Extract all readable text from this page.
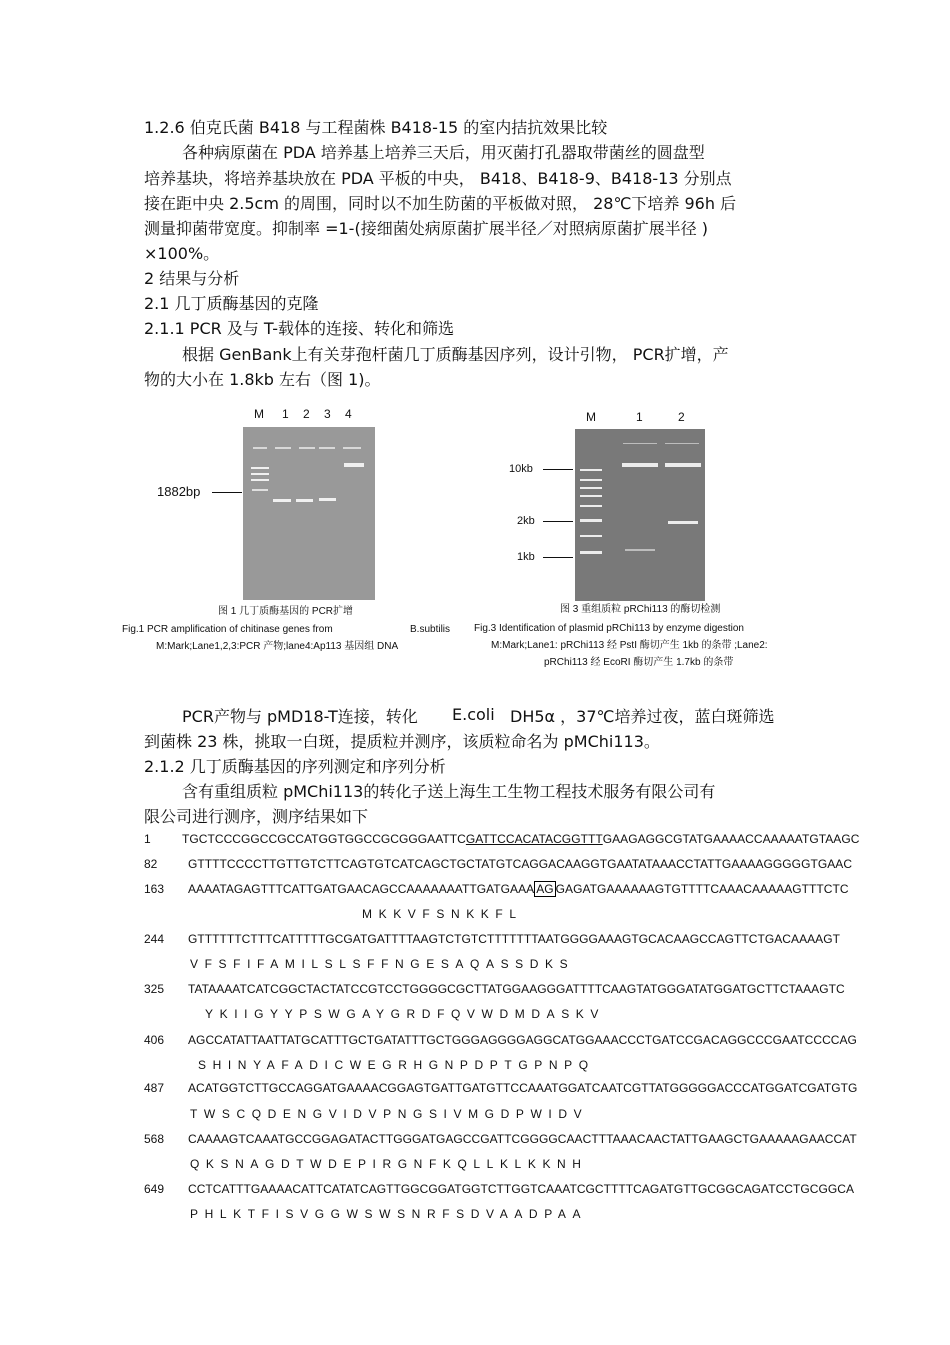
1.2.6 伯克氏菌 B418 与工程菌株 B418-15 的室内拮抗效果比较
各种病原菌在 PDA 培养基上培养三天后，用灭菌打孔器取带菌丝的圆盘型
培养基块，将培养基块放在 PDA 平板的中央， B418、B418-9、B418-13 分别点
接在距中央 2.5cm 的周围，同时以不加生防菌的平板做对照， 28℃下培养 96h 后
测量抑菌带宽度。抑制率 =1-(接细菌处病原菌扩展半径／对照病原菌扩展半径 )
×100%。
2 结果与分析
2.1 几丁质酶基因的克隆
2.1.1 PCR 及与 T-载体的连接、转化和筛选
根据 GenBank上有关芽孢杆菌几丁质酶基因序列，设计引物， PCR扩增，产
物的大小在 1.8kb 左右（图 1)。
M 1 2 3 4
1882bp
图 1 几丁质酶基因的 PCR扩增
Fig.1 PCR amplification of chitinase genes from	B.subtilis
M:Mark;Lane1,2,3:PCR 产物;lane4:Ap113 基因组 DNA
M	1	2
10kb
2kb
1kb
图 3 重组质粒 pRChi113 的酶切检测
Fig.3 Identification of plasmid pRChi113 by enzyme digestion
M:Mark;Lane1: pRChi113 经 PstI 酶切产生 1kb 的条带 ;Lane2:
pRChi113 经 EcoRI 酶切产生 1.7kb 的条带
PCR产物与 pMD18-T连接，转化 E.coli DH5α ，37℃培养过夜，蓝白斑筛选
到菌株 23 株，挑取一白斑，提质粒并测序，该质粒命名为 pMChi113。
2.1.2 几丁质酶基因的序列测定和序列分析
含有重组质粒 pMChi113的转化子送上海生工生物工程技术服务有限公司有
限公司进行测序，测序结果如下
1	TGCTCCCGGCCGCCATGGTGGCCGCGGGAATTCGATTCCACATACGGTTTGAAGAGGCGTATGAAAACCAAAAATGTAAGC
82	GTTTTCCCCTTGTTGTCTTCAGTGTCATCAGCTGCTATGTCAGGACAAGGTGAATATAAACCTATTGAAAAGGGGGTGAAC
163 AAAATAGAGTTTCATTGATGAACAGCCAAAAAAATTGATGAAA AG GAGATGAAAAAAGTGTTTTCAAACAAAAAGTTTCTC
MKKVFSNKKFL
244 GTTTTTTCTTTCATTTTTGCGATGATTTTAAGTCTGTCTTTTTTTAATGGGGAAAGTGCACAAGCCAGTTCTGACAAAAGT
VFSFIFAMILSLSFFNGESAQASSDKS
325 TATAAAATCATCGGCTACTATCCGTCCTGGGGCGCTTATGGAAGGGATTTTCAAGTATGGGATATGGATGCTTCTAAAGTC
YKIIGYYPSWGAYGRDFQVWDMDASKV
406 AGCCATATTAATTATGCATTTGCTGATATTTGCTGGGAGGGGAGGCATGGAAACCCTGATCCGACAGGCCCGAATCCCCAG
SHINYAFADICWEGRHGNPDPTGPNPQ
487 ACATGGTCTTGCCAGGATGAAAACGGAGTGATTGATGTTCCAAATGGATCAATCGTTATGGGGGACCCATGGATCGATGTG
TWSCQDENGVIDVPNGSIVMGDPWIDV
568 CAAAAGTCAAATGCCGGAGATACTTGGGATGAGCCGATTCGGGGCAACTTTAAACAACTATTGAAGCTGAAAAAGAACCAT
QKSNAGDTWDEPIRGNFKQLLKLKKNH
649 CCTCATTTGAAAACATTCATATCAGTTGGCGGATGGTCTTGGTCAAATCGCTTTTCAGATGTTGCGGCAGATCCTGCGGCA
PHLKTFISVGGWSWSNRFSDVAADPAA
